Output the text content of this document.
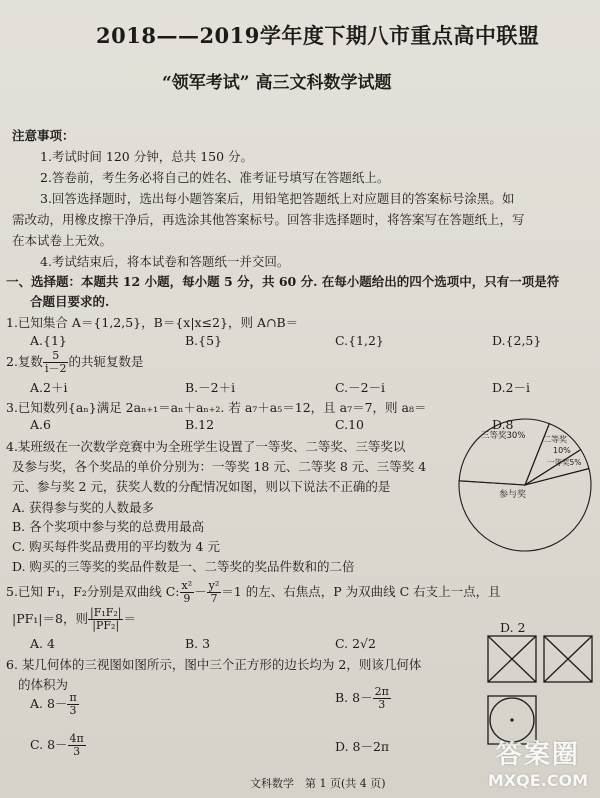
2018——2019学年度下期八市重点高中联盟
“领军考试” 高三文科数学试题
注意事项：
1.考试时间 120 分钟，总共 150 分。
2.答卷前，考生务必将自己的姓名、准考证号填写在答题纸上。
3.回答选择题时，选出每小题答案后，用铅笔把答题纸上对应题目的答案标号涂黑。如
需改动，用橡皮擦干净后，再选涂其他答案标号。回答非选择题时，将答案写在答题纸上，写
在本试卷上无效。
4.考试结束后，将本试卷和答题纸一并交回。
一、选择题：本题共 12 小题，每小题 5 分，共 60 分. 在每小题给出的四个选项中，只有一项是符
合题目要求的.
1.已知集合 A＝{1,2,5}，B＝{x|x≤2}，则 A∩B＝
A.{1}	B.{5}	C.{1,2}	D.{2,5}
2.复数 $\frac{5}{i-2}$ 的共轭复数是
A.2＋i	B.－2＋i	C.－2－i	D.2－i
3.已知数列{aₙ}满足 2aₙ₊₁＝aₙ＋aₙ₊₂. 若 a₇＋a₅＝12，且 a₇＝7，则 a₈＝
A.6	B.12	C.10	D.8
4.某班级在一次数学竞赛中为全班学生设置了一等奖、二等奖、三等奖以
及参与奖，各个奖品的单价分别为：一等奖 18 元、二等奖 8 元、三等奖 4
元、参与奖 2 元，获奖人数的分配情况如图，则以下说法不正确的是
A. 获得参与奖的人数最多
B. 各个奖项中参与奖的总费用最高
C. 购买每件奖品费用的平均数为 4 元
D. 购买的三等奖的奖品件数是一、二等奖的奖品件数和的二倍
三等奖30% 二等奖
10%
一等奖5%
参与奖
5.已知 F₁，F₂分别是双曲线 C: $\frac{\text{x²}}{9} - \frac{\text{y²}}{7} =1$ 的左、右焦点，P 为双曲线 C 右支上一点，且
|PF₁|＝8，则 $\frac{\text{|F₁F₂|}}{\text{|PF₂|}}$ ＝
A. 4	B. 3	C. 2√2
D. 2
6. 某几何体的三视图如图所示，图中三个正方形的边长均为 2，则该几何体
的体积为
A. $8- \frac{\pi}{3}$	B. $8- \frac{2\pi}{3}$
C. $8- \frac{4\pi}{3}$	D. 8－2π
文科数学　第 1 页(共 4 页)
答案圈
MXQE.COM
